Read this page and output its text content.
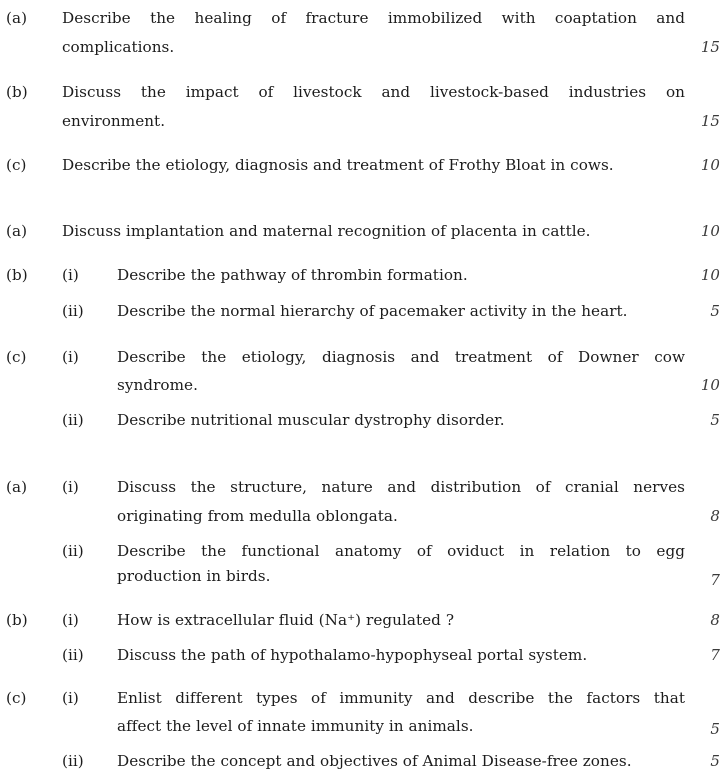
(a) Describe the healing of fracture immobilized with coaptation and
complications.	15
(b) Discuss the impact of livestock and livestock-based industries on
environment.	15
(c) Describe the etiology, diagnosis and treatment of Frothy Bloat in cows.	10
(a) Discuss implantation and maternal recognition of placenta in cattle.	10
(b) (i)	Describe the pathway of thrombin formation.	10
(ii) Describe the normal hierarchy of pacemaker activity in the heart.	5
(c) (i)	Describe the etiology, diagnosis and treatment of Downer cow
syndrome.	10
(ii) Describe nutritional muscular dystrophy disorder.	5
(a) (i)	Discuss the structure, nature and distribution of cranial nerves
originating from medulla oblongata.	8
(ii) Describe the functional anatomy of oviduct in relation to egg
production in birds.	7
(b) (i)	How is extracellular fluid (Na⁺) regulated ?	8
(ii) Discuss the path of hypothalamo-hypophyseal portal system.	7
(c) (i)	Enlist different types of immunity and describe the factors that
affect the level of innate immunity in animals.	5
(ii) Describe the concept and objectives of Animal Disease-free zones.	5
